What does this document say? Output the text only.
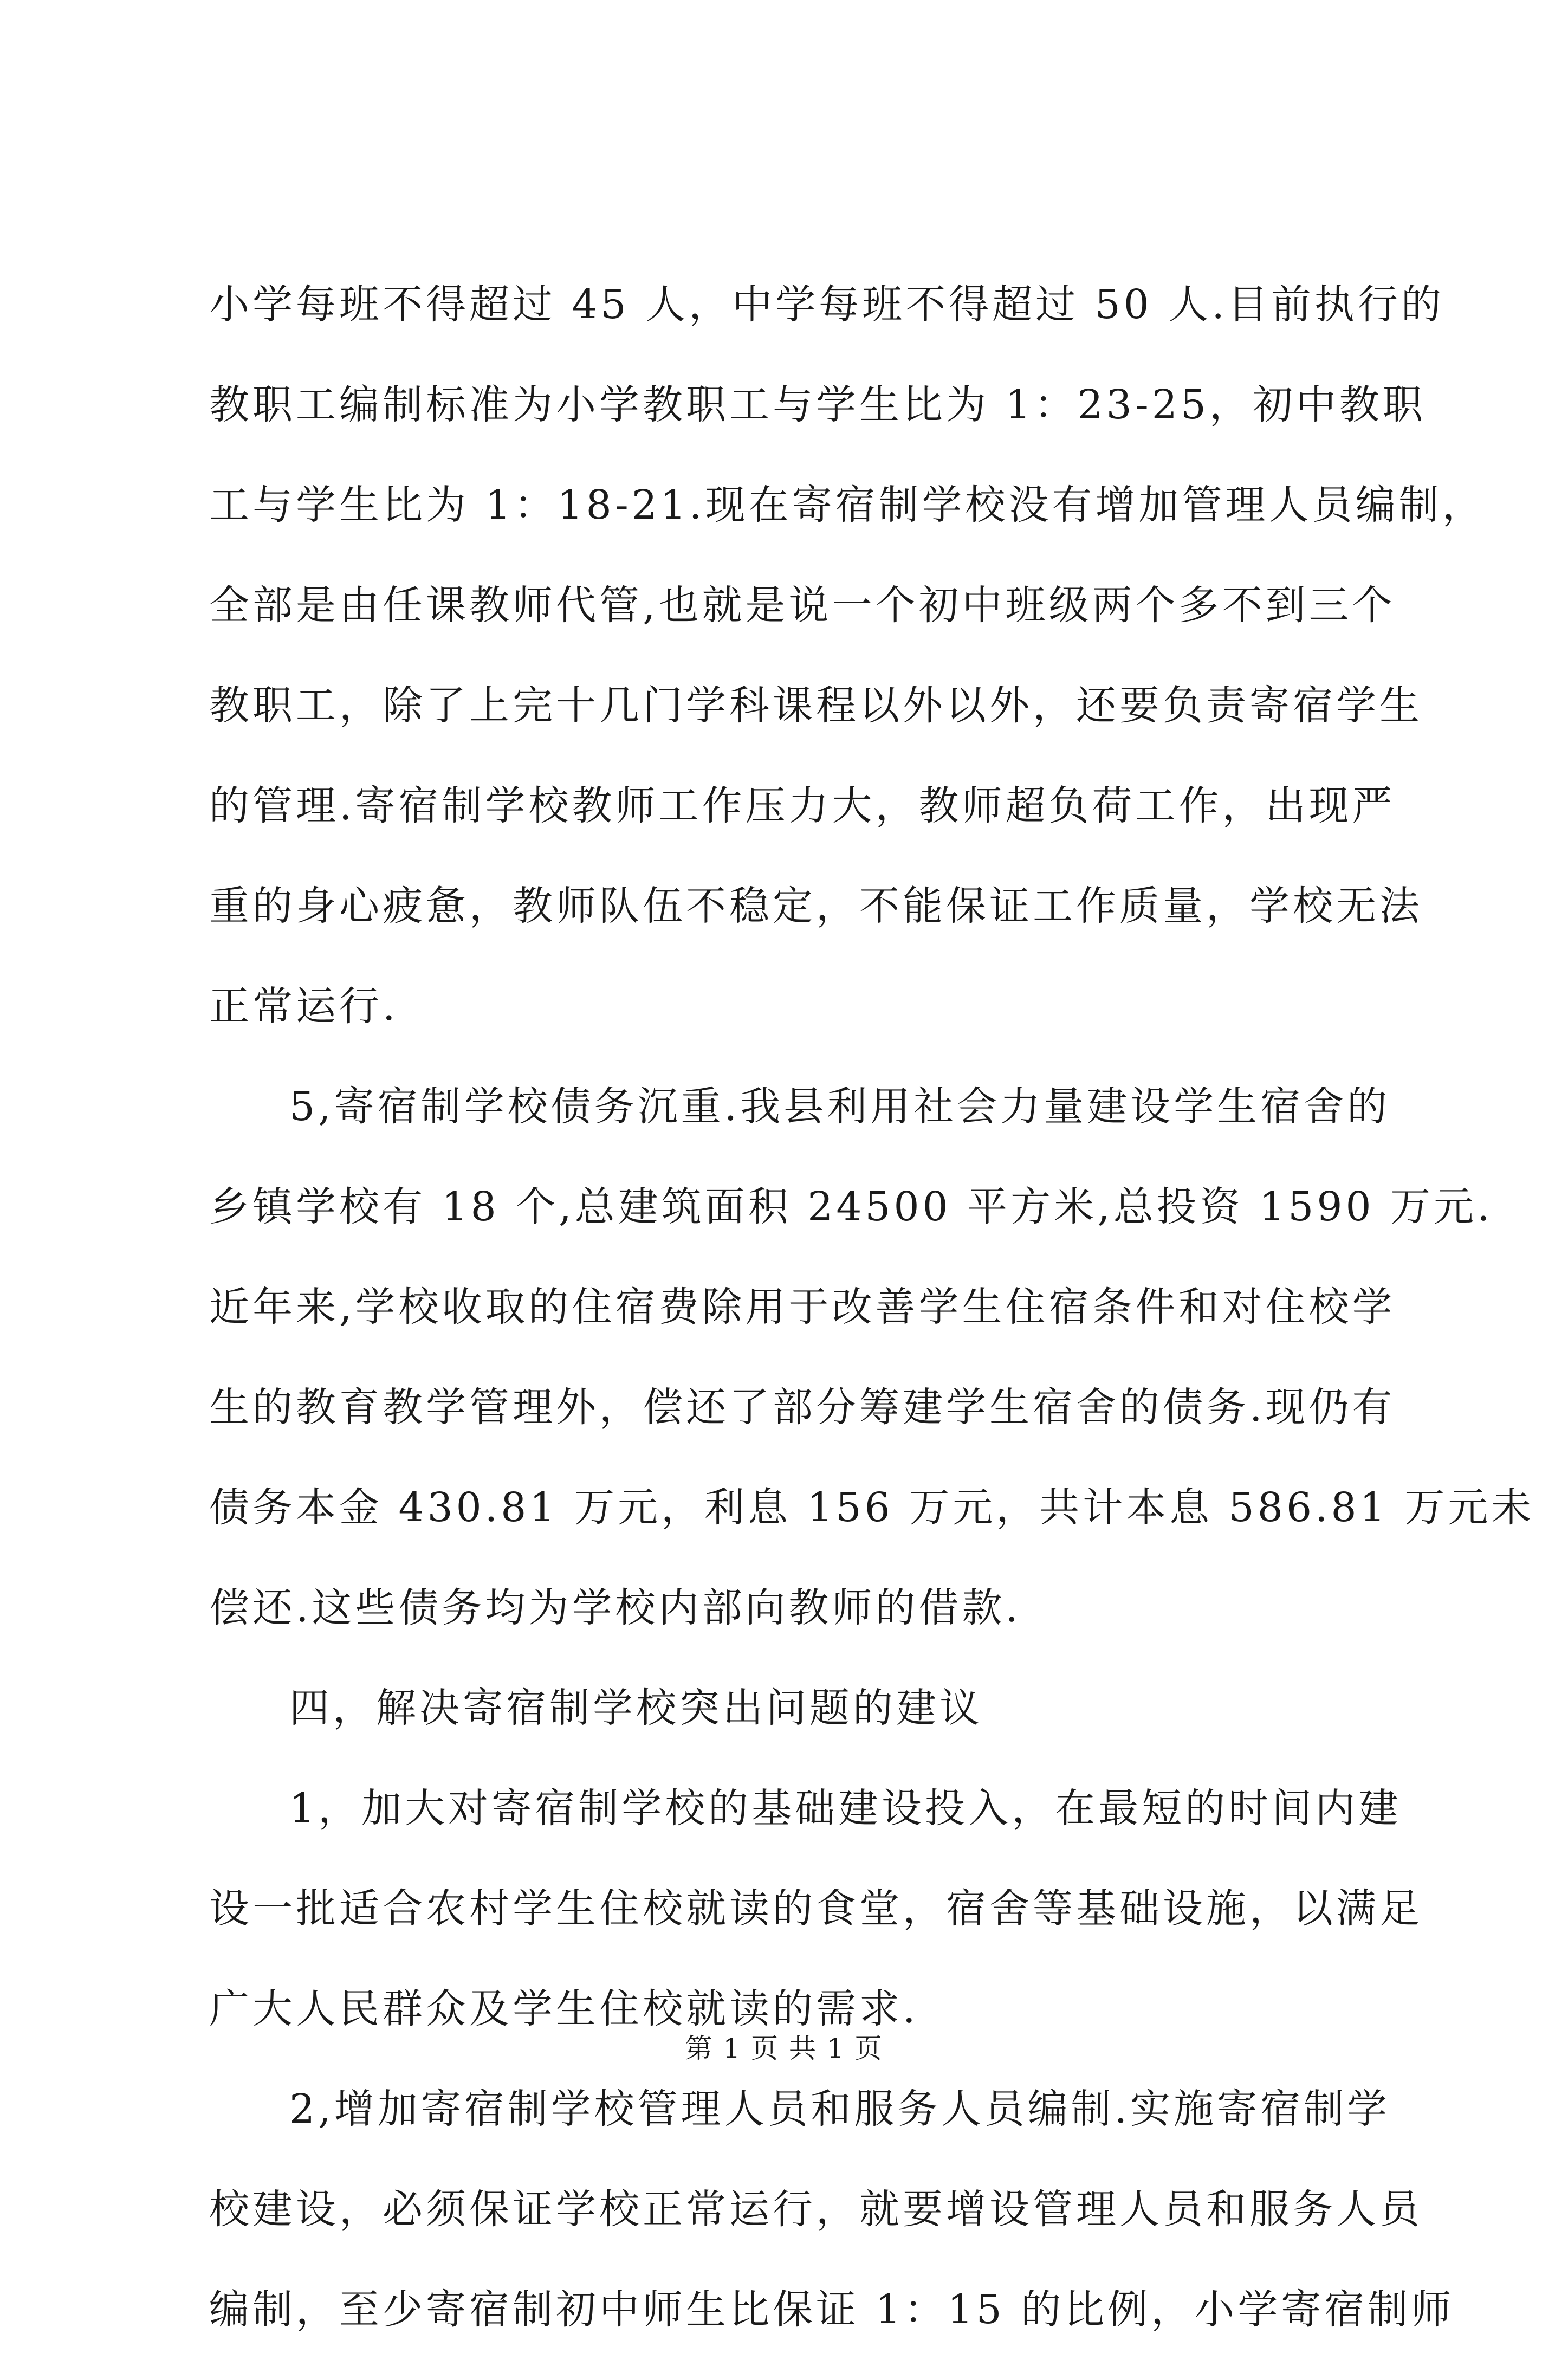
小学每班不得超过 45 人，中学每班不得超过 50 人.目前执行的
教职工编制标准为小学教职工与学生比为 1：23-25，初中教职
工与学生比为 1：18-21.现在寄宿制学校没有增加管理人员编制，
全部是由任课教师代管,也就是说一个初中班级两个多不到三个
教职工，除了上完十几门学科课程以外以外，还要负责寄宿学生
的管理.寄宿制学校教师工作压力大，教师超负荷工作，出现严
重的身心疲惫，教师队伍不稳定，不能保证工作质量，学校无法
正常运行.
5,寄宿制学校债务沉重.我县利用社会力量建设学生宿舍的
乡镇学校有 18 个,总建筑面积 24500 平方米,总投资 1590 万元.
近年来,学校收取的住宿费除用于改善学生住宿条件和对住校学
生的教育教学管理外，偿还了部分筹建学生宿舍的债务.现仍有
债务本金 430.81 万元，利息 156 万元，共计本息 586.81 万元未
偿还.这些债务均为学校内部向教师的借款.
四，解决寄宿制学校突出问题的建议
1，加大对寄宿制学校的基础建设投入，在最短的时间内建
设一批适合农村学生住校就读的食堂，宿舍等基础设施，以满足
广大人民群众及学生住校就读的需求.
2,增加寄宿制学校管理人员和服务人员编制.实施寄宿制学
校建设，必须保证学校正常运行，就要增设管理人员和服务人员
编制，至少寄宿制初中师生比保证 1：15 的比例，小学寄宿制师
第 1 页 共 1 页
